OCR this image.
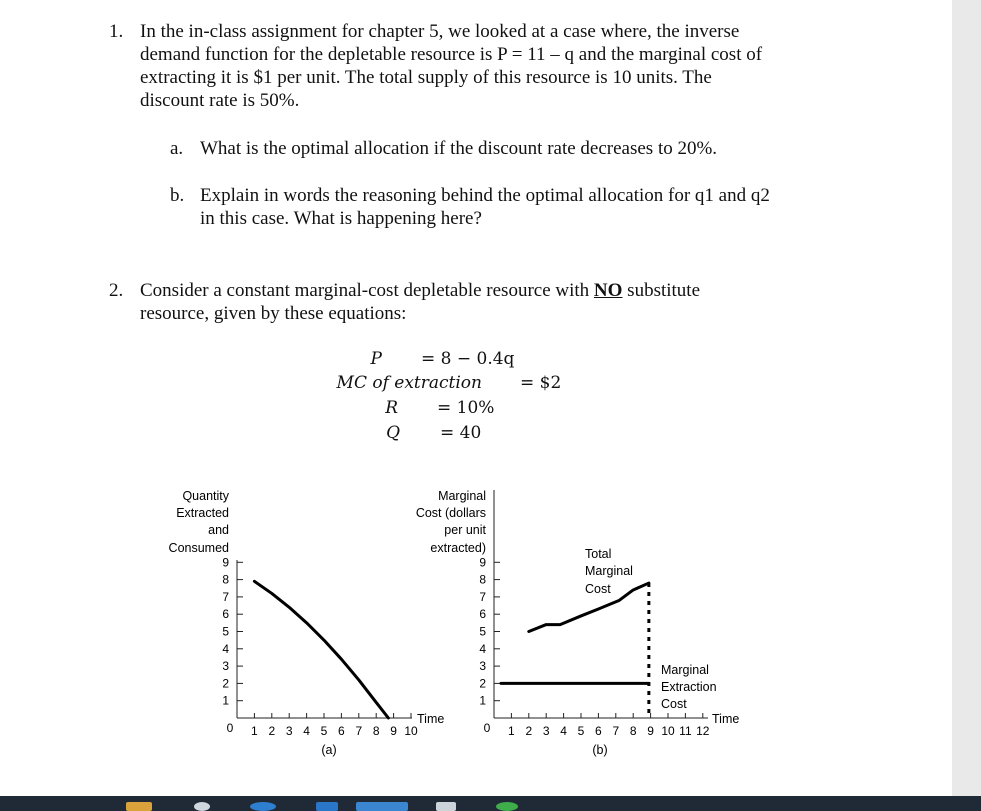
1. In the in-class assignment for chapter 5, we looked at a case where, the inverse
demand function for the depletable resource is P = 11 – q and the marginal cost of
extracting it is $1 per unit. The total supply of this resource is 10 units. The
discount rate is 50%.
a. What is the optimal allocation if the discount rate decreases to 20%.
b. Explain in words the reasoning behind the optimal allocation for q1 and q2
in this case. What is happening here?
2. Consider a constant marginal-cost depletable resource with NO substitute
resource, given by these equations:
P = 8 − 0.4q
MC of extraction = $2
R = 10%
Q = 40
Quantity
Extracted
and
Consumed
0
Time
(a)
9
8
7
6
5
4
3
2
1
1 2 3 4 5 6 7 8 9 10
Marginal
Cost (dollars
per unit
extracted)
0
Time
(b)
Total
Marginal
Cost
Marginal
Extraction
Cost
9
8
7
6
5
4
3
2
1
1 2 3 4 5 6 7 8 9 10 11 12
